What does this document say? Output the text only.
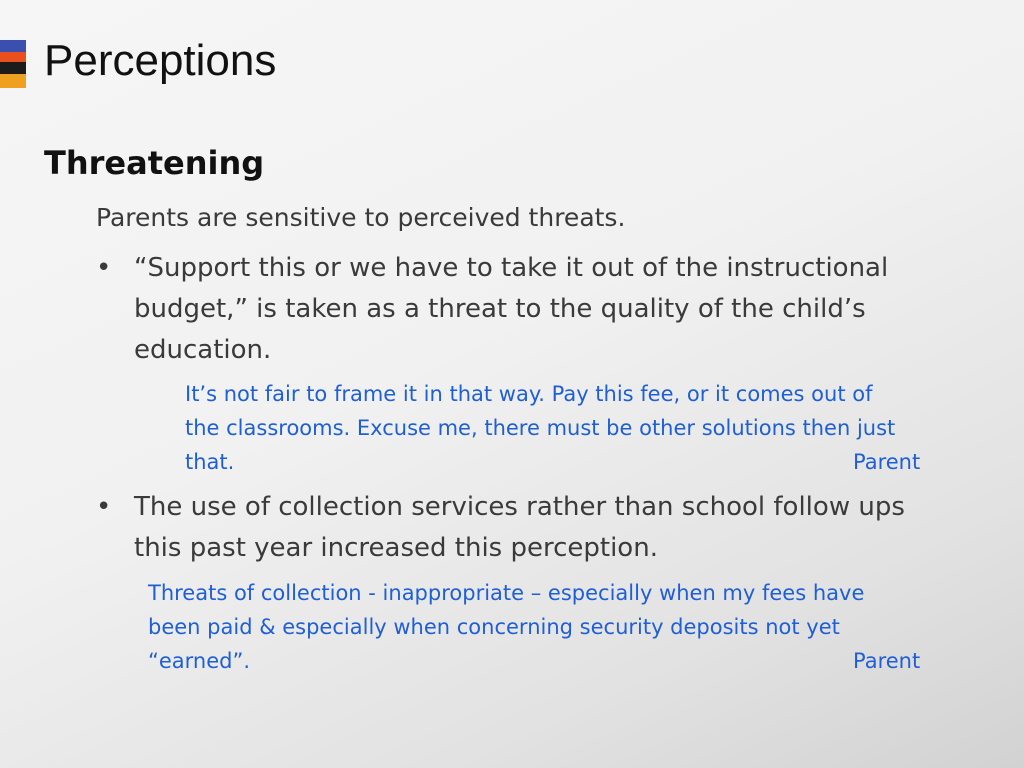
Perceptions
Threatening
Parents are sensitive to perceived threats.
• “Support this or we have to take it out of the instructional
budget,” is taken as a threat to the quality of the child’s
education.
It’s not fair to frame it in that way. Pay this fee, or it comes out of
the classrooms. Excuse me, there must be other solutions then just
that.	Parent
• The use of collection services rather than school follow ups
this past year increased this perception.
Threats of collection - inappropriate – especially when my fees have
been paid & especially when concerning security deposits not yet
“earned”.	Parent
